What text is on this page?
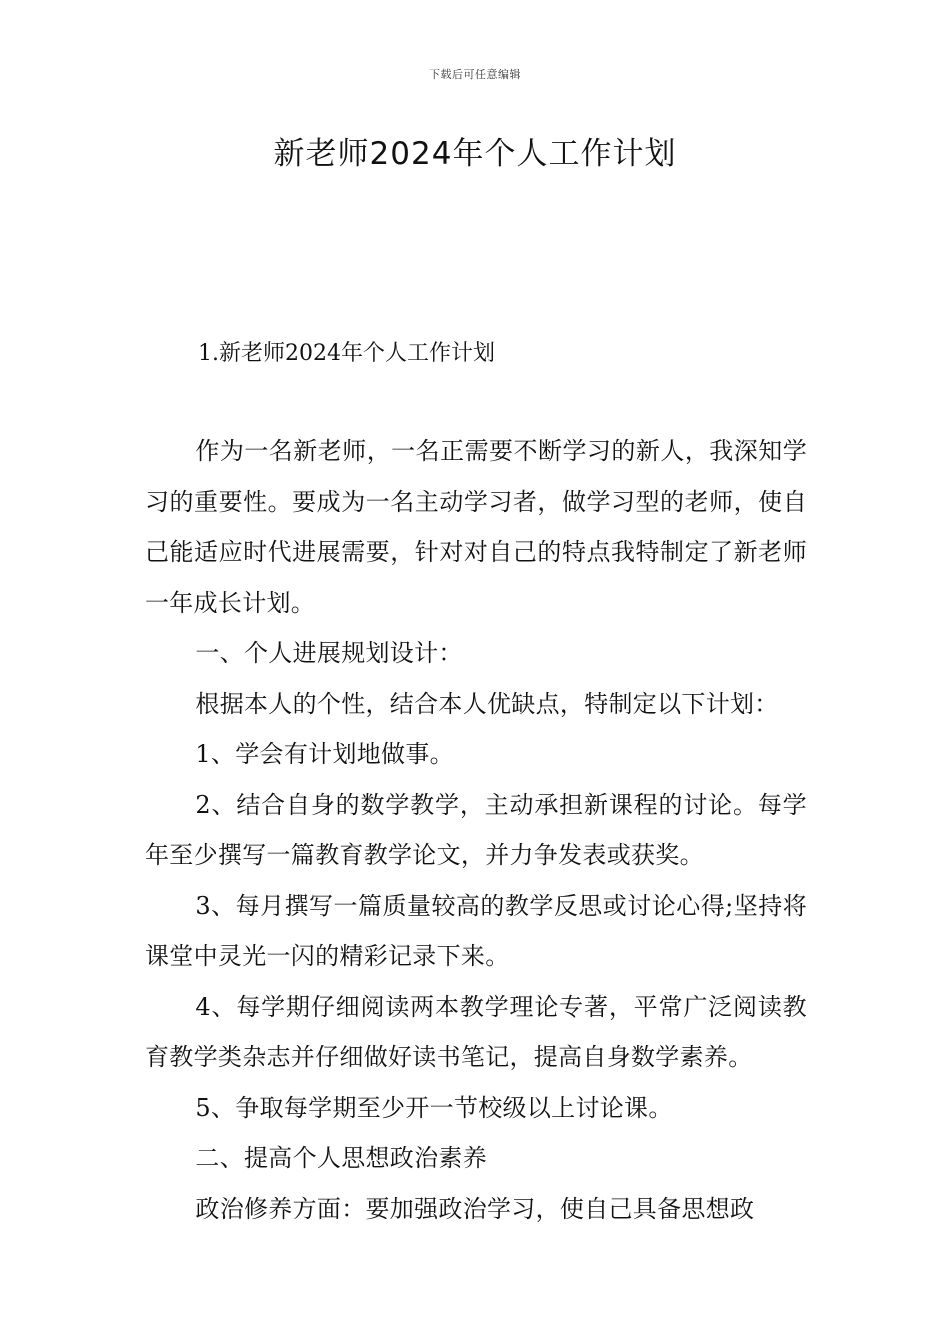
下载后可任意编辑
新老师2024年个人工作计划
1.新老师2024年个人工作计划

作为一名新老师，一名正需要不断学习的新人，我深知学习的重要性。要成为一名主动学习者，做学习型的老师，使自己能适应时代进展需要，针对对自己的特点我特制定了新老师一年成长计划。

一、个人进展规划设计：

根据本人的个性，结合本人优缺点，特制定以下计划：

1、学会有计划地做事。

2、结合自身的数学教学，主动承担新课程的讨论。每学年至少撰写一篇教育教学论文，并力争发表或获奖。

3、每月撰写一篇质量较高的教学反思或讨论心得;坚持将课堂中灵光一闪的精彩记录下来。

4、每学期仔细阅读两本教学理论专著，平常广泛阅读教育教学类杂志并仔细做好读书笔记，提高自身数学素养。

5、争取每学期至少开一节校级以上讨论课。

二、提高个人思想政治素养

政治修养方面：要加强政治学习，使自己具备思想政
